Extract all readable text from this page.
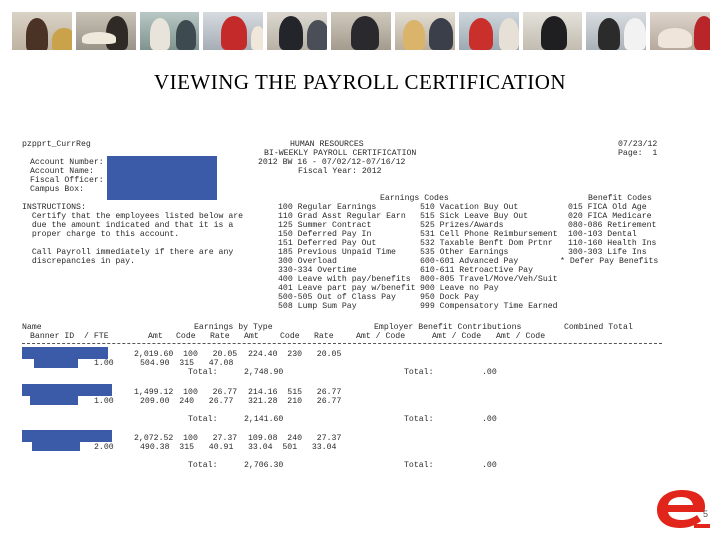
VIEWING THE PAYROLL CERTIFICATION
pzpprt_CurrReg	HUMAN RESOURCES	07/23/12
BI-WEEKLY PAYROLL CERTIFICATION	Page:  1
2012 BW 16 - 07/02/12-07/16/12
Fiscal Year: 2012
Account Number:
Account Name:
Fiscal Officer:
Campus Box:
INSTRUCTIONS:
Certify that the employees listed below are
due the amount indicated and that it is a
proper charge to this account.
Call Payroll immediately if there are any
discrepancies in pay.
Earnings Codes	Benefit Codes
100 Regular Earnings
110 Grad Asst Regular Earn
125 Summer Contract
150 Deferred Pay In
151 Deferred Pay Out
185 Previous Unpaid Time
300 Overload
330-334 Overtime
400 Leave with pay/benefits
401 Leave part pay w/benefit
500-505 Out of Class Pay
508 Lump Sum Pay
510 Vacation Buy Out
515 Sick Leave Buy Out
525 Prizes/Awards
531 Cell Phone Reimbursement
532 Taxable Benft Dom Prtnr
535 Other Earnings
600-601 Advanced Pay
610-611 Retroactive Pay
800-805 Travel/Move/Veh/Suit
900 Leave no Pay
950 Dock Pay
999 Compensatory Time Earned
015 FICA Old Age
020 FICA Medicare
080-086 Retirement
100-103 Dental
110-160 Health Ins
300-303 Life Ins
* Defer Pay Benefits
Name	Earnings by Type	Employer Benefit Contributions	Combined Total
Banner ID  / FTE	Amt Code Rate Amt	Code Rate	Amt / Code	Amt / Code Amt / Code
2,019.60  100   20.05 224.40  230   20.05
1.00	504.90  315   47.08
Total:	2,748.90	Total:	.00
1,499.12  100   26.77 214.16  515   26.77
1.00	209.00  240   26.77 321.28  210   26.77
Total:	2,141.60	Total:	.00
2,072.52  100   27.37 109.08  240   27.37
2.00	490.38  315   40.91 33.04  501   33.04
Total:	2,706.30	Total:	.00
5
